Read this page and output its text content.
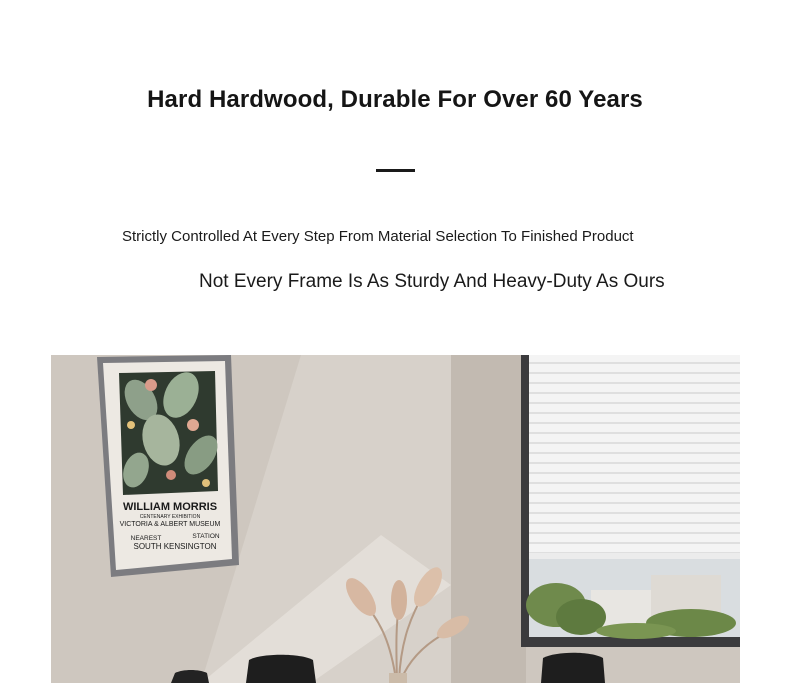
Hard Hardwood, Durable For Over 60 Years

Strictly Controlled At Every Step From Material Selection To Finished Product

Not Every Frame Is As Sturdy And Heavy-Duty As Ours

WILLIAM MORRIS
CENTENARY EXHIBITION
VICTORIA & ALBERT MUSEUM
NEAREST	STATION
SOUTH KENSINGTON
